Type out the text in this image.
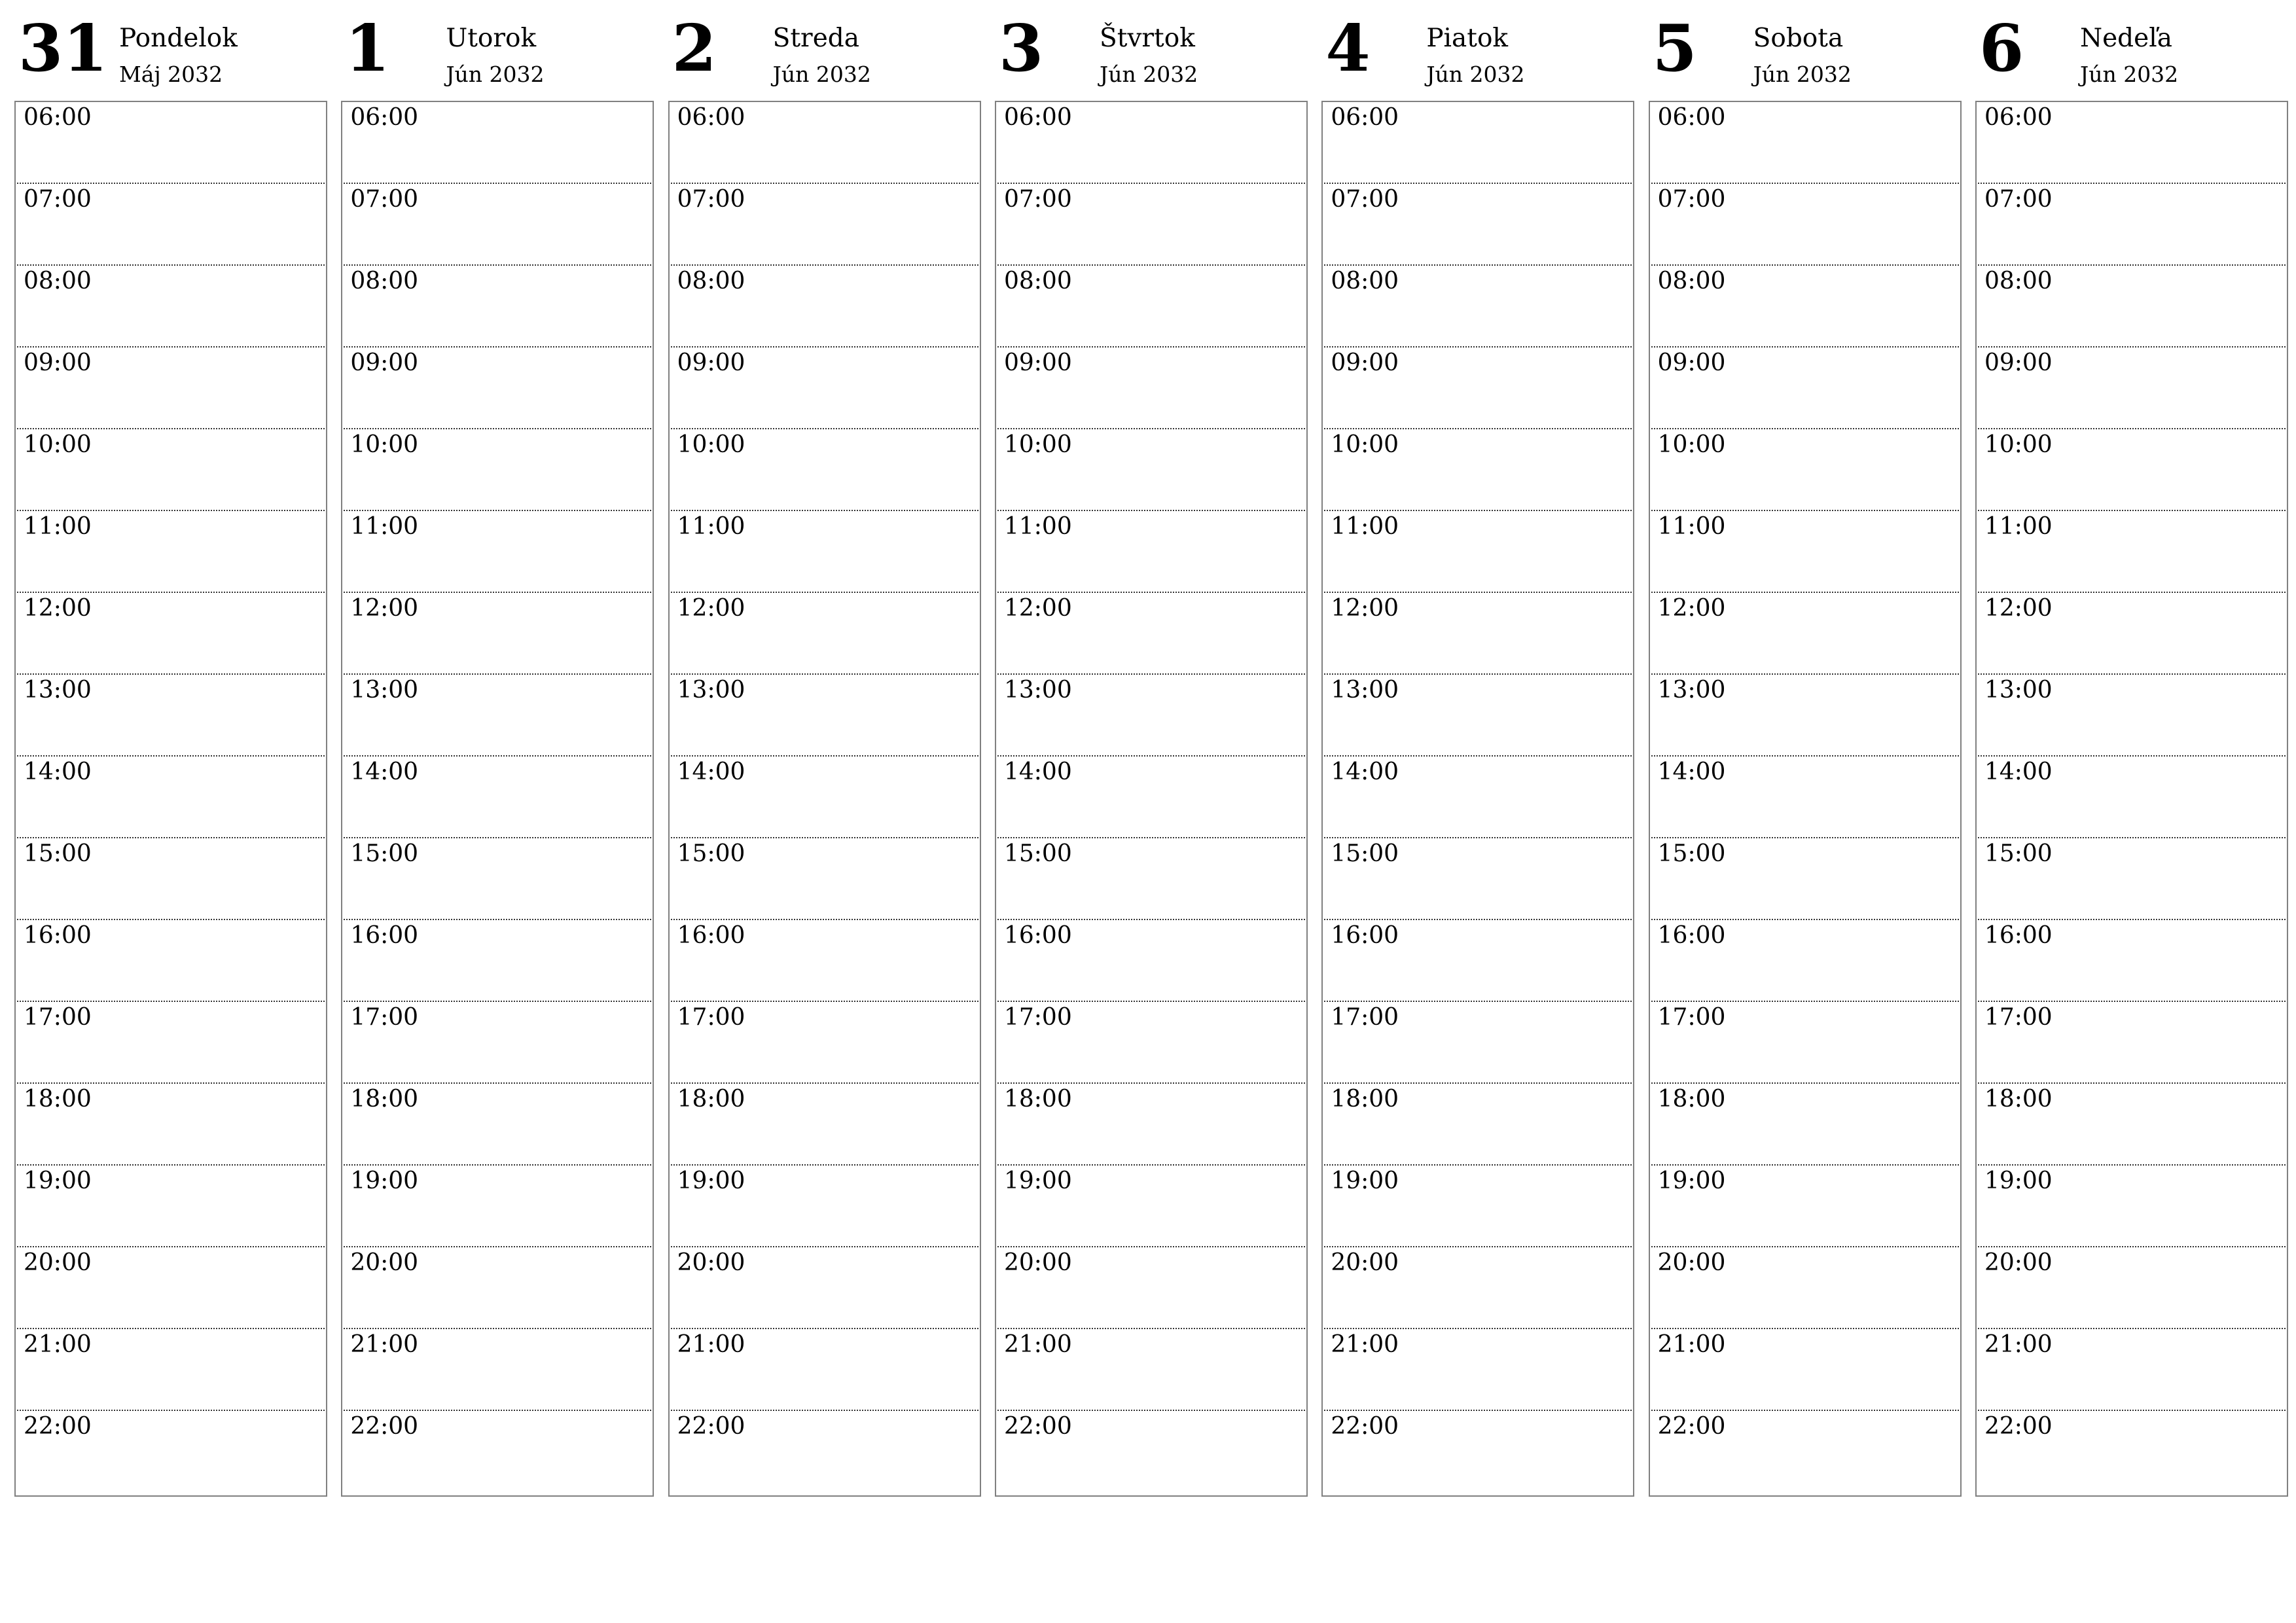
31 Pondelok
Máj 2032
06:00
07:00
08:00
09:00
10:00
11:00
12:00
13:00
14:00
15:00
16:00
17:00
18:00
19:00
20:00
21:00
22:00
1 Utorok
Jún 2032
06:00
07:00
08:00
09:00
10:00
11:00
12:00
13:00
14:00
15:00
16:00
17:00
18:00
19:00
20:00
21:00
22:00
2 Streda
Jún 2032
06:00
07:00
08:00
09:00
10:00
11:00
12:00
13:00
14:00
15:00
16:00
17:00
18:00
19:00
20:00
21:00
22:00
3 Štvrtok
Jún 2032
06:00
07:00
08:00
09:00
10:00
11:00
12:00
13:00
14:00
15:00
16:00
17:00
18:00
19:00
20:00
21:00
22:00
4 Piatok
Jún 2032
06:00
07:00
08:00
09:00
10:00
11:00
12:00
13:00
14:00
15:00
16:00
17:00
18:00
19:00
20:00
21:00
22:00
5 Sobota
Jún 2032
06:00
07:00
08:00
09:00
10:00
11:00
12:00
13:00
14:00
15:00
16:00
17:00
18:00
19:00
20:00
21:00
22:00
6 Nedeľa
Jún 2032
06:00
07:00
08:00
09:00
10:00
11:00
12:00
13:00
14:00
15:00
16:00
17:00
18:00
19:00
20:00
21:00
22:00
